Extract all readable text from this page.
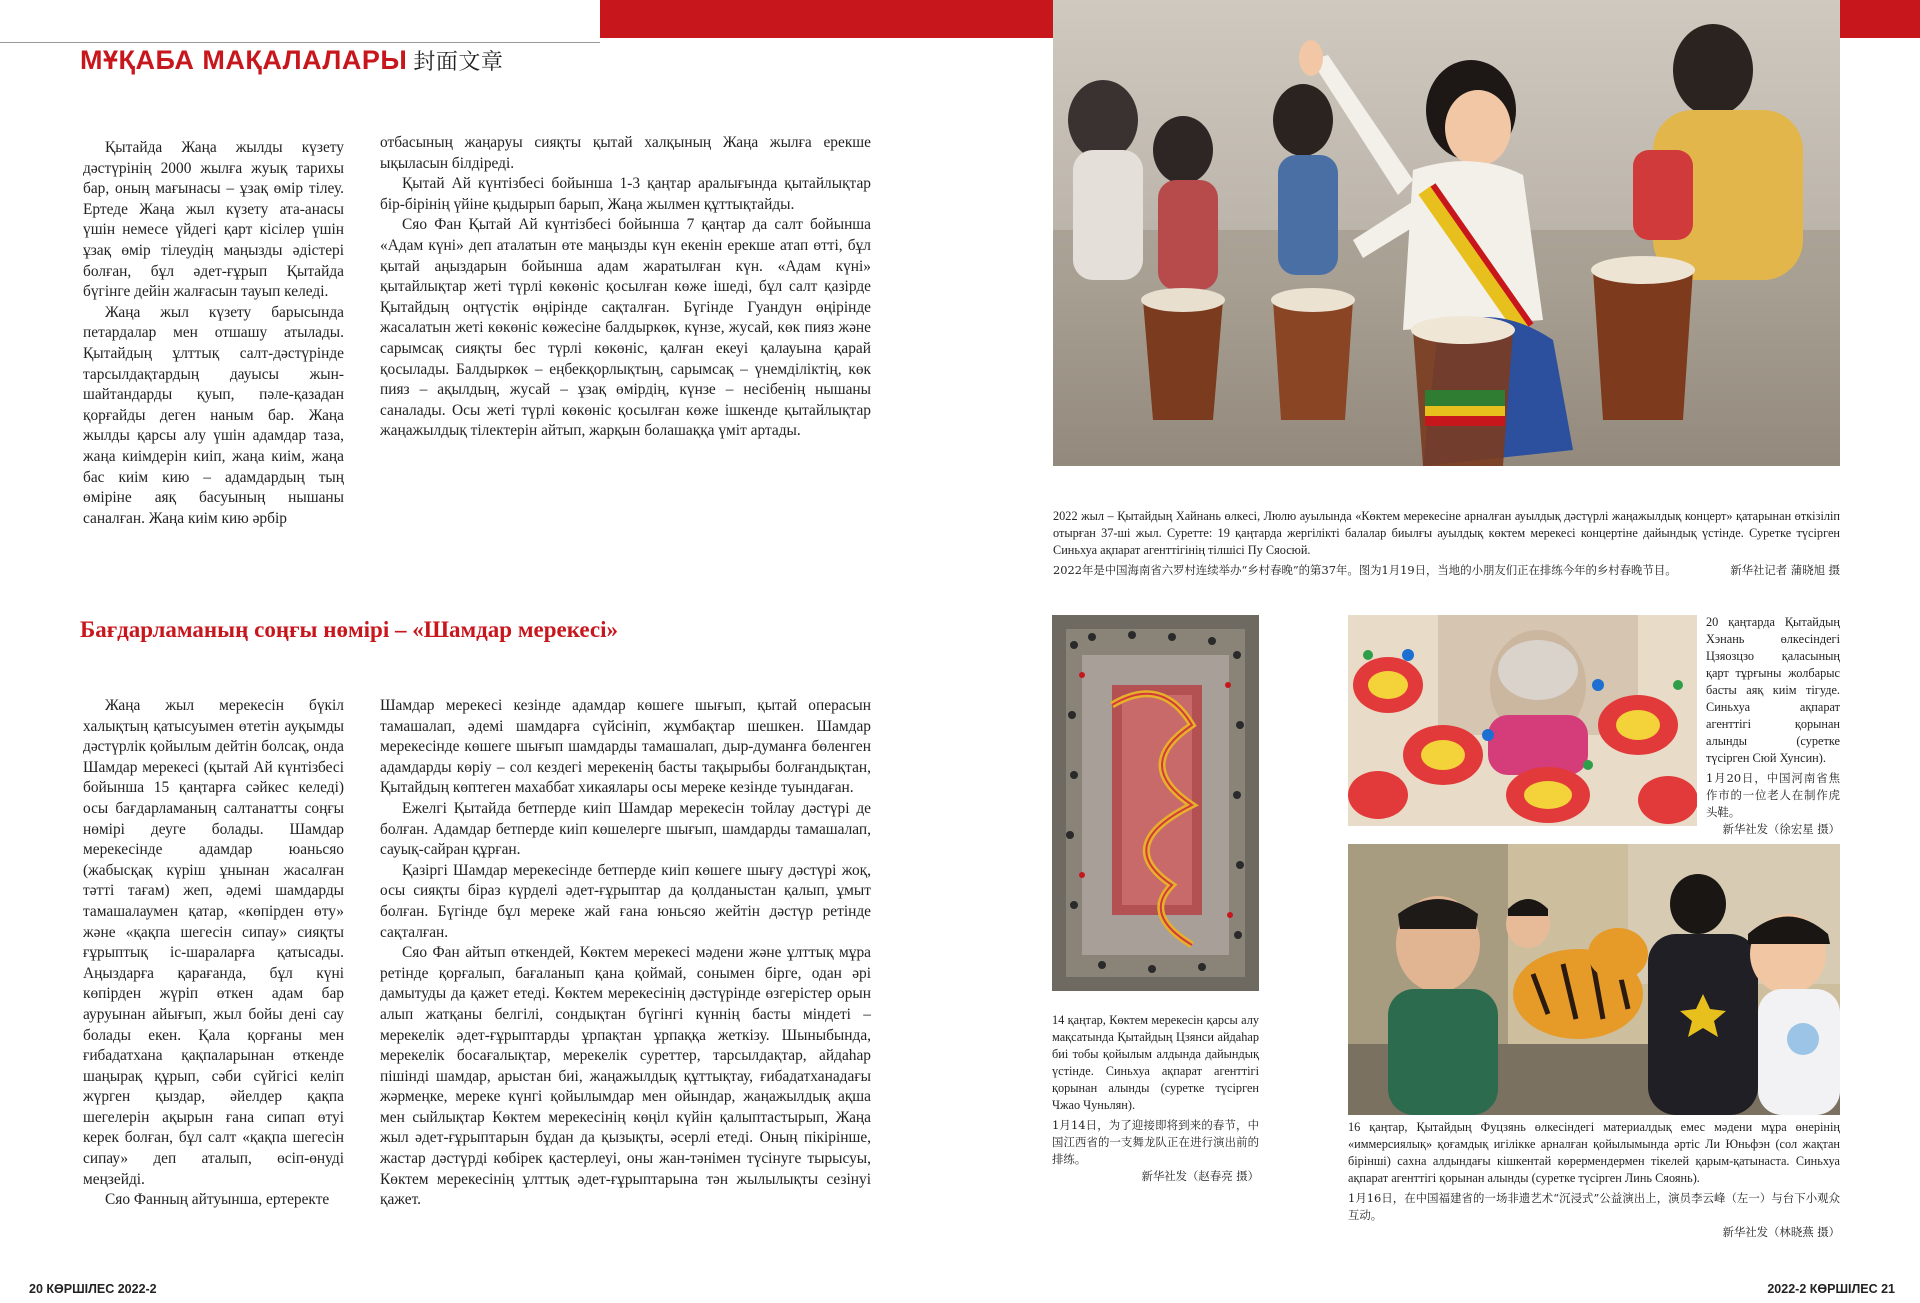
МҰҚАБА МАҚАЛАЛАРЫ 封面文章

Қытайда Жаңа жылды күзету дәстүрінің 2000 жылға жуық тарихы бар, оның мағынасы – ұзақ өмір тілеу. Ертеде Жаңа жыл күзету ата-анасы үшін немесе үйдегі қарт кісілер үшін ұзақ өмір тілеудің маңызды әдістері болған, бұл әдет-ғұрып Қытайда бүгінге дейін жалғасын тауып келеді.

Жаңа жыл күзету барысында петардалар мен отшашу атылады. Қытайдың ұлттық салт-дәстүрінде тарсылдақтардың дауысы жын-шайтандарды қуып, пәле-қазадан қорғайды деген наным бар. Жаңа жылды қарсы алу үшін адамдар таза, жаңа киімдерін киіп, жаңа киім, жаңа бас киім кию – адамдардың тың өміріне аяқ басуының нышаны саналған. Жаңа киім кию әрбір

отбасының жаңаруы сияқты қытай халқының Жаңа жылға ерекше ықыласын білдіреді.

Қытай Ай күнтізбесі бойынша 1-3 қаңтар аралығында қытайлықтар бір-бірінің үйіне қыдырып барып, Жаңа жылмен құттықтайды.

Сяо Фан Қытай Ай күнтізбесі бойынша 7 қаңтар да салт бойынша «Адам күні» деп аталатын өте маңызды күн екенін ерекше атап өтті, бұл қытай аңыздарын бойынша адам жаратылған күн. «Адам күні» қытайлықтар жеті түрлі көкөніс қосылған көже ішеді, бұл салт қазірде Қытайдың оңтүстік өңірінде сақталған. Бүгінде Гуандун өңірінде жасалатын жеті көкөніс көжесіне балдыркөк, күнзе, жусай, көк пияз және сарымсақ сияқты бес түрлі көкөніс, қалған екеуі қалауына қарай қосылады. Балдыркөк – еңбекқорлықтың, сарымсақ – үнемділіктің, көк пияз – ақылдың, жусай – ұзақ өмірдің, күнзе – несібенің нышаны саналады. Осы жеті түрлі көкөніс қосылған көже ішкенде қытайлықтар жаңажылдық тілектерін айтып, жарқын болашаққа үміт артады.

2022 жыл – Қытайдың Хайнань өлкесі, Люлю ауылында «Көктем мерекесіне арналған ауылдық дәстүрлі жаңажылдық концерт» қатарынан өткізіліп отырған 37-ші жыл. Суретте: 19 қаңтарда жергілікті балалар биылғы ауылдық көктем мерекесі концертіне дайындық үстінде. Суретке түсірген Синьхуа ақпарат агенттігінің тілшісі Пу Сяосюй.
2022年是中国海南省六罗村连续举办“乡村春晚”的第37年。图为1月19日，当地的小朋友们正在排练今年的乡村春晚节目。	新华社记者 蒲晓旭 摄
Бағдарламаның соңғы нөмірі – «Шамдар мерекесі»

Жаңа жыл мерекесін бүкіл халықтың қатысуымен өтетін ауқымды дәстүрлік қойылым дейтін болсақ, онда Шамдар мерекесі (қытай Ай күнтізбесі бойынша 15 қаңтарға сәйкес келеді) осы бағдарламаның салтанатты соңғы нөмірі деуге болады. Шамдар мерекесінде адамдар юаньсяо (жабысқақ күріш ұнынан жасалған тәтті тағам) жеп, әдемі шамдарды тамашалаумен қатар, «көпірден өту» және «қақпа шегесін сипау» сияқты ғұрыптық іс-шараларға қатысады. Аңыздарға қарағанда, бұл күні көпірден жүріп өткен адам бар ауруынан айығып, жыл бойы дені сау болады екен. Қала қорғаны мен ғибадатхана қақпаларынан өткенде шаңырақ құрып, сәби сүйгісі келіп жүрген қыздар, әйелдер қақпа шегелерін ақырын ғана сипап өтуі керек болған, бұл салт «қақпа шегесін сипау» деп аталып, өсіп-өнуді меңзейді.

Сяо Фанның айтуынша, ертеректе

Шамдар мерекесі кезінде адамдар көшеге шығып, қытай операсын тамашалап, әдемі шамдарға сүйсініп, жұмбақтар шешкен. Шамдар мерекесінде көшеге шығып шамдарды тамашалап, дыр-думанға бөленген адамдарды көріу – сол кездегі мерекенің басты тақырыбы болғандықтан, Қытайдың көптеген махаббат хикаялары осы мереке кезінде туындаған.

Ежелгі Қытайда бетперде киіп Шамдар мерекесін тойлау дәстүрі де болған. Адамдар бетперде киіп көшелерге шығып, шамдарды тамашалап, сауық-сайран құрған.

Қазіргі Шамдар мерекесінде бетперде киіп көшеге шығу дәстүрі жоқ, осы сияқты біраз күрделі әдет-ғұрыптар да қолданыстан қалып, ұмыт болған. Бүгінде бұл мереке жай ғана юньсяо жейтін дәстүр ретінде сақталған.

Сяо Фан айтып өткендей, Көктем мерекесі мәдени және ұлттық мұра ретінде қорғалып, бағаланып қана қоймай, сонымен бірге, одан әрі дамытуды да қажет етеді. Көктем мерекесінің дәстүрінде өзгерістер орын алып жатқаны белгілі, сондықтан бүгінгі күннің басты міндеті – мерекелік әдет-ғұрыптарды ұрпақтан ұрпаққа жеткізу. Шыныбында, мерекелік босағалықтар, мерекелік суреттер, тарсылдақтар, айдаһар пішінді шамдар, арыстан биі, жаңажылдық құттықтау, ғибадатханадағы жәрмеңке, мереке күнгі қойылымдар мен ойындар, жаңажылдық ақша мен сыйлықтар Көктем мерекесінің көңіл күйін қалыптастырып, Жаңа жыл әдет-ғұрыптарын бұдан да қызықты, әсерлі етеді. Оның пікірінше, жастар дәстүрді көбірек қастерлеуі, оны жан-тәнімен түсінуге тырысуы, Көктем мерекесінің ұлттық әдет-ғұрыптарына тән жылылықты сезінуі қажет.

14 қаңтар, Көктем мерекесін қарсы алу мақсатында Қытайдың Цзянси айдаһар биі тобы қойылым алдында дайындық үстінде. Синьхуа ақпарат агенттігі қорынан алынды (суретке түсірген Чжао Чуньлян).
1月14日，为了迎接即将到来的春节，中国江西省的一支舞龙队正在进行演出前的排练。
新华社发（赵春亮 摄）
20 қаңтарда Қытайдың Хэнань өлкесіндегі Цзяозцзо қаласының қарт тұрғыны жолбарыс басты аяқ киім тігуде. Синьхуа ақпарат агенттігі қорынан алынды (суретке түсірген Сюй Хунсин).
1月20日，中国河南省焦作市的一位老人在制作虎头鞋。
新华社发（徐宏星 摄）
16 қаңтар, Қытайдың Фуцзянь өлкесіндегі материалдық емес мәдени мұра өнерінің «иммерсиялық» қоғамдық игілікке арналған қойылымында әртіс Ли Юньфэн (сол жақтан біріншi) сахна алдындағы кішкентай көрермендермен тікелей қарым-қатынаста. Синьхуа ақпарат агенттігі қорынан алынды (суретке түсірген Линь Сяоянь).
1月16日，在中国福建省的一场非遗艺术“沉浸式”公益演出上，演员李云峰（左一）与台下小观众互动。
新华社发（林晓燕 摄）
20 КӨРШІЛЕС 2022-2	2022-2 КӨРШІЛЕС 21
